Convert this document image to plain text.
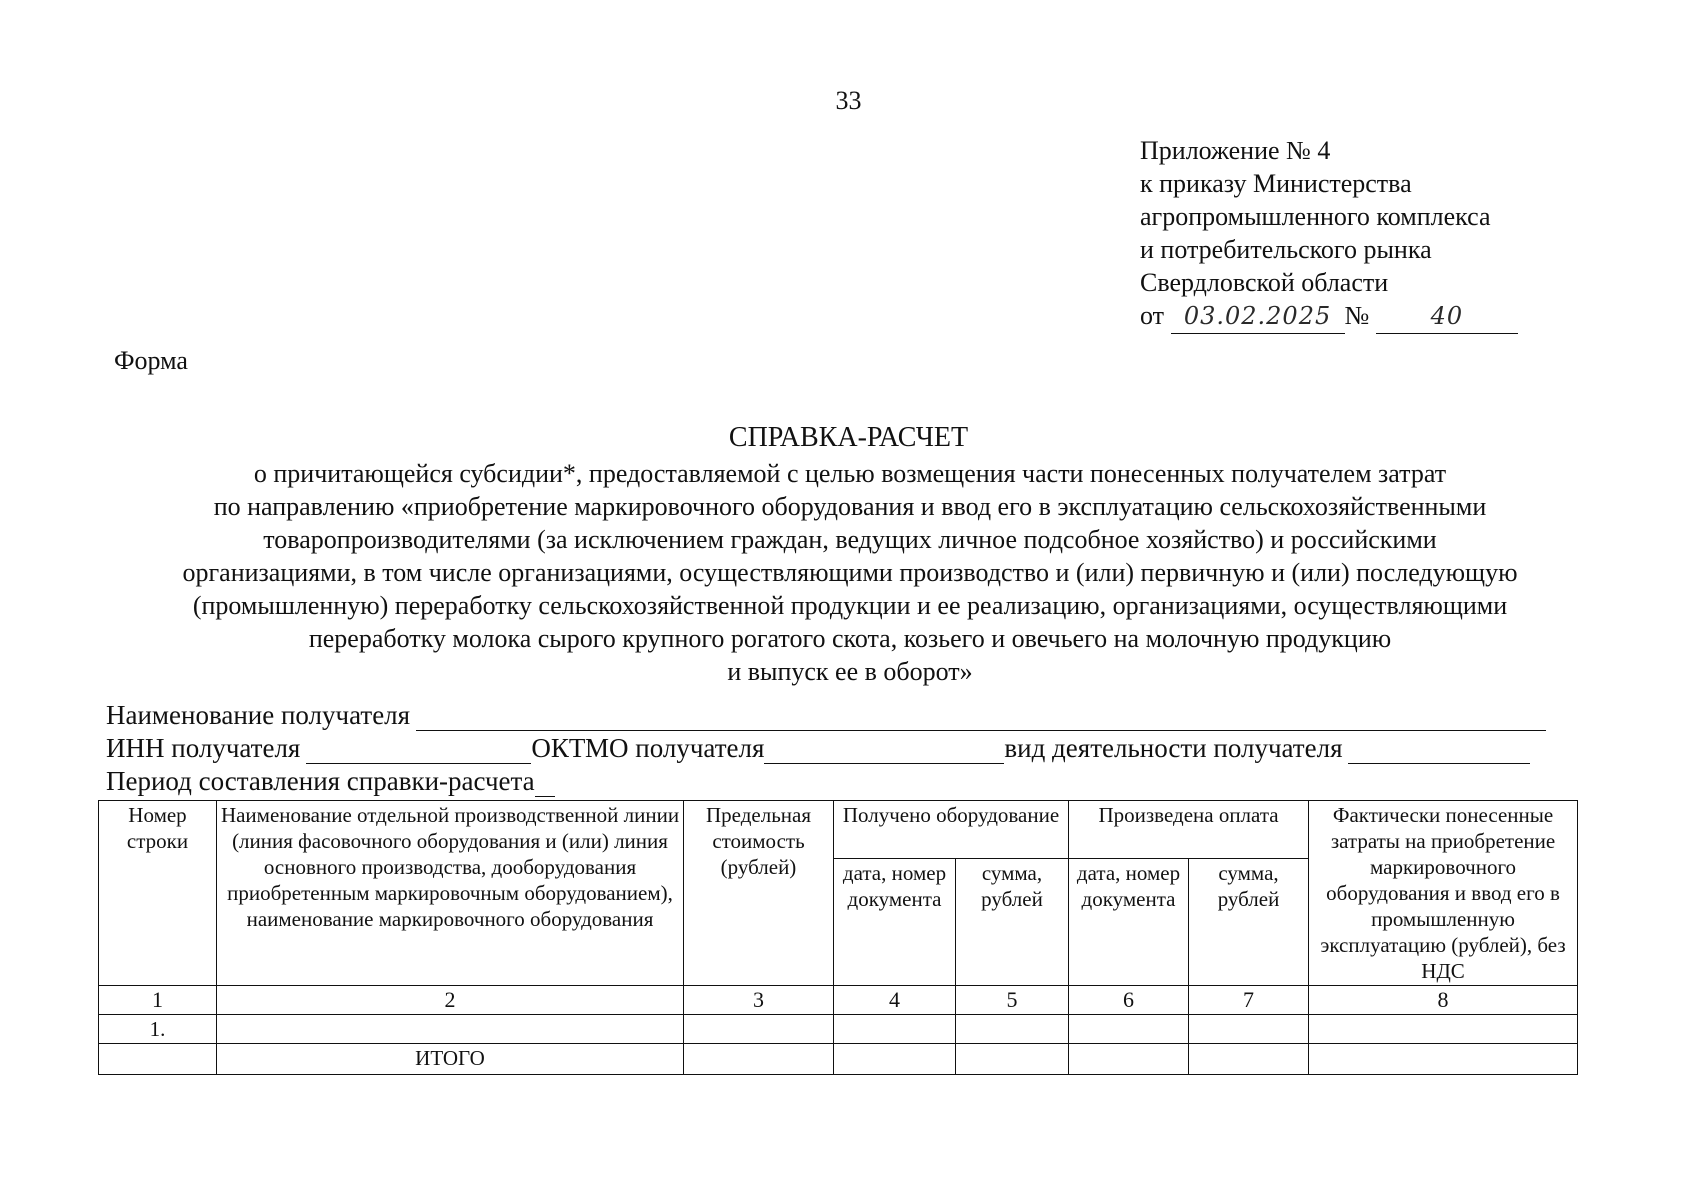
33
Приложение № 4
к приказу Министерства
агропромышленного комплекса
и потребительского рынка
Свердловской области
от 03.02.2025 №	40
Форма
СПРАВКА-РАСЧЕТ
о причитающейся субсидии*, предоставляемой с целью возмещения части понесенных получателем затрат
по направлению «приобретение маркировочного оборудования и ввод его в эксплуатацию сельскохозяйственными
товаропроизводителями (за исключением граждан, ведущих личное подсобное хозяйство) и российскими
организациями, в том числе организациями, осуществляющими производство и (или) первичную и (или) последующую
(промышленную) переработку сельскохозяйственной продукции и ее реализацию, организациями, осуществляющими
переработку молока сырого крупного рогатого скота, козьего и овечьего на молочную продукцию
и выпуск ее в оборот»
Наименование получателя
ИНН получателя	ОКТМО получателя	вид деятельности получателя
Период составления справки-расчета
Номер строки	Наименование отдельной производственной линии (линия фасовочного оборудования и (или) линия основного производства, дооборудования приобретенным маркировочным оборудованием), наименование маркировочного оборудования	Предельная стоимость (рублей)	Получено оборудование		Произведена оплата		Фактически понесенные затраты на приобретение маркировочного оборудования и ввод его в промышленную эксплуатацию (рублей), без НДС
			дата, номер документа	сумма, рублей	дата, номер документа	сумма, рублей	
1	2	3	4	5	6	7	8
1.							
	ИТОГО						
